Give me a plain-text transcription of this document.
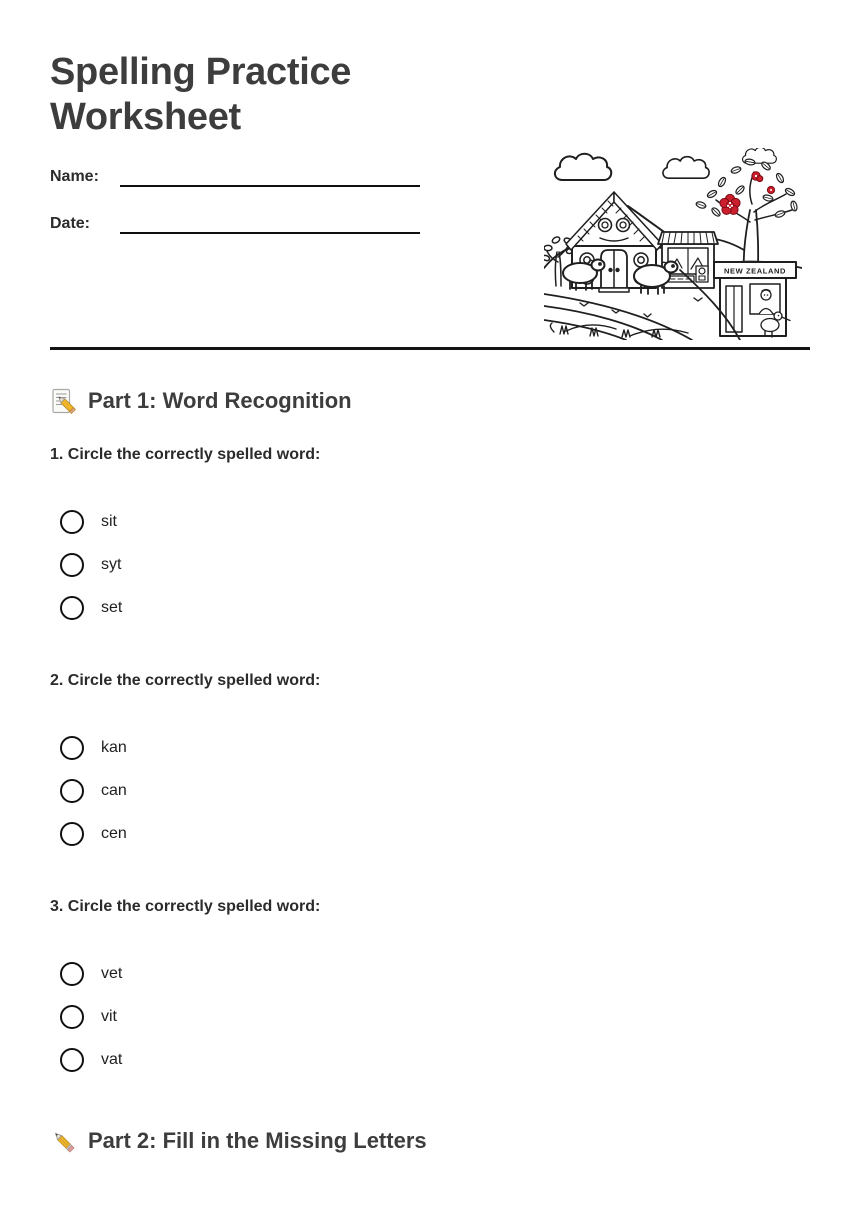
Spelling Practice Worksheet
Name:
Date:
Part 1: Word Recognition
1. Circle the correctly spelled word:
sit
syt
set
2. Circle the correctly spelled word:
kan
can
cen
3. Circle the correctly spelled word:
vet
vit
vat
Part 2: Fill in the Missing Letters
NEW ZEALAND
